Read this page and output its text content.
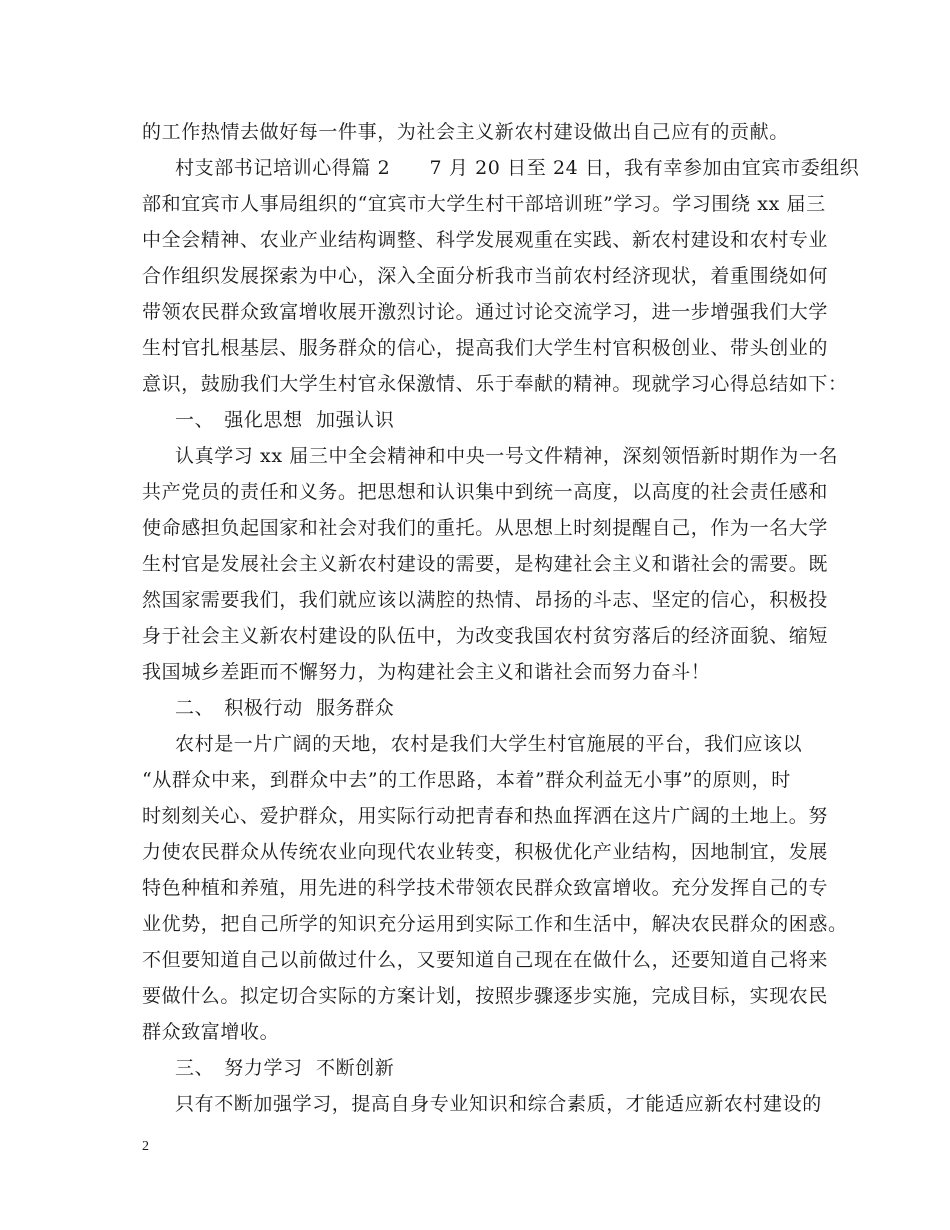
的工作热情去做好每一件事，为社会主义新农村建设做出自己应有的贡献。
村支部书记培训心得篇 2　　7 月 20 日至 24 日，我有幸参加由宜宾市委组织
部和宜宾市人事局组织的“宜宾市大学生村干部培训班”学习。学习围绕 xx 届三
中全会精神、农业产业结构调整、科学发展观重在实践、新农村建设和农村专业
合作组织发展探索为中心，深入全面分析我市当前农村经济现状，着重围绕如何
带领农民群众致富增收展开激烈讨论。通过讨论交流学习，进一步增强我们大学
生村官扎根基层、服务群众的信心，提高我们大学生村官积极创业、带头创业的
意识，鼓励我们大学生村官永保激情、乐于奉献的精神。现就学习心得总结如下：
一、　强化思想  加强认识
认真学习 xx 届三中全会精神和中央一号文件精神，深刻领悟新时期作为一名
共产党员的责任和义务。把思想和认识集中到统一高度，以高度的社会责任感和
使命感担负起国家和社会对我们的重托。从思想上时刻提醒自己，作为一名大学
生村官是发展社会主义新农村建设的需要，是构建社会主义和谐社会的需要。既
然国家需要我们，我们就应该以满腔的热情、昂扬的斗志、坚定的信心，积极投
身于社会主义新农村建设的队伍中，为改变我国农村贫穷落后的经济面貌、缩短
我国城乡差距而不懈努力，为构建社会主义和谐社会而努力奋斗！
二、　积极行动  服务群众
农村是一片广阔的天地，农村是我们大学生村官施展的平台，我们应该以
“从群众中来，到群众中去”的工作思路，本着”群众利益无小事”的原则，时
时刻刻关心、爱护群众，用实际行动把青春和热血挥洒在这片广阔的土地上。努
力使农民群众从传统农业向现代农业转变，积极优化产业结构，因地制宜，发展
特色种植和养殖，用先进的科学技术带领农民群众致富增收。充分发挥自己的专
业优势，把自己所学的知识充分运用到实际工作和生活中，解决农民群众的困惑。
不但要知道自己以前做过什么，又要知道自己现在在做什么，还要知道自己将来
要做什么。拟定切合实际的方案计划，按照步骤逐步实施，完成目标，实现农民
群众致富增收。
三、　努力学习  不断创新
只有不断加强学习，提高自身专业知识和综合素质，才能适应新农村建设的
2
